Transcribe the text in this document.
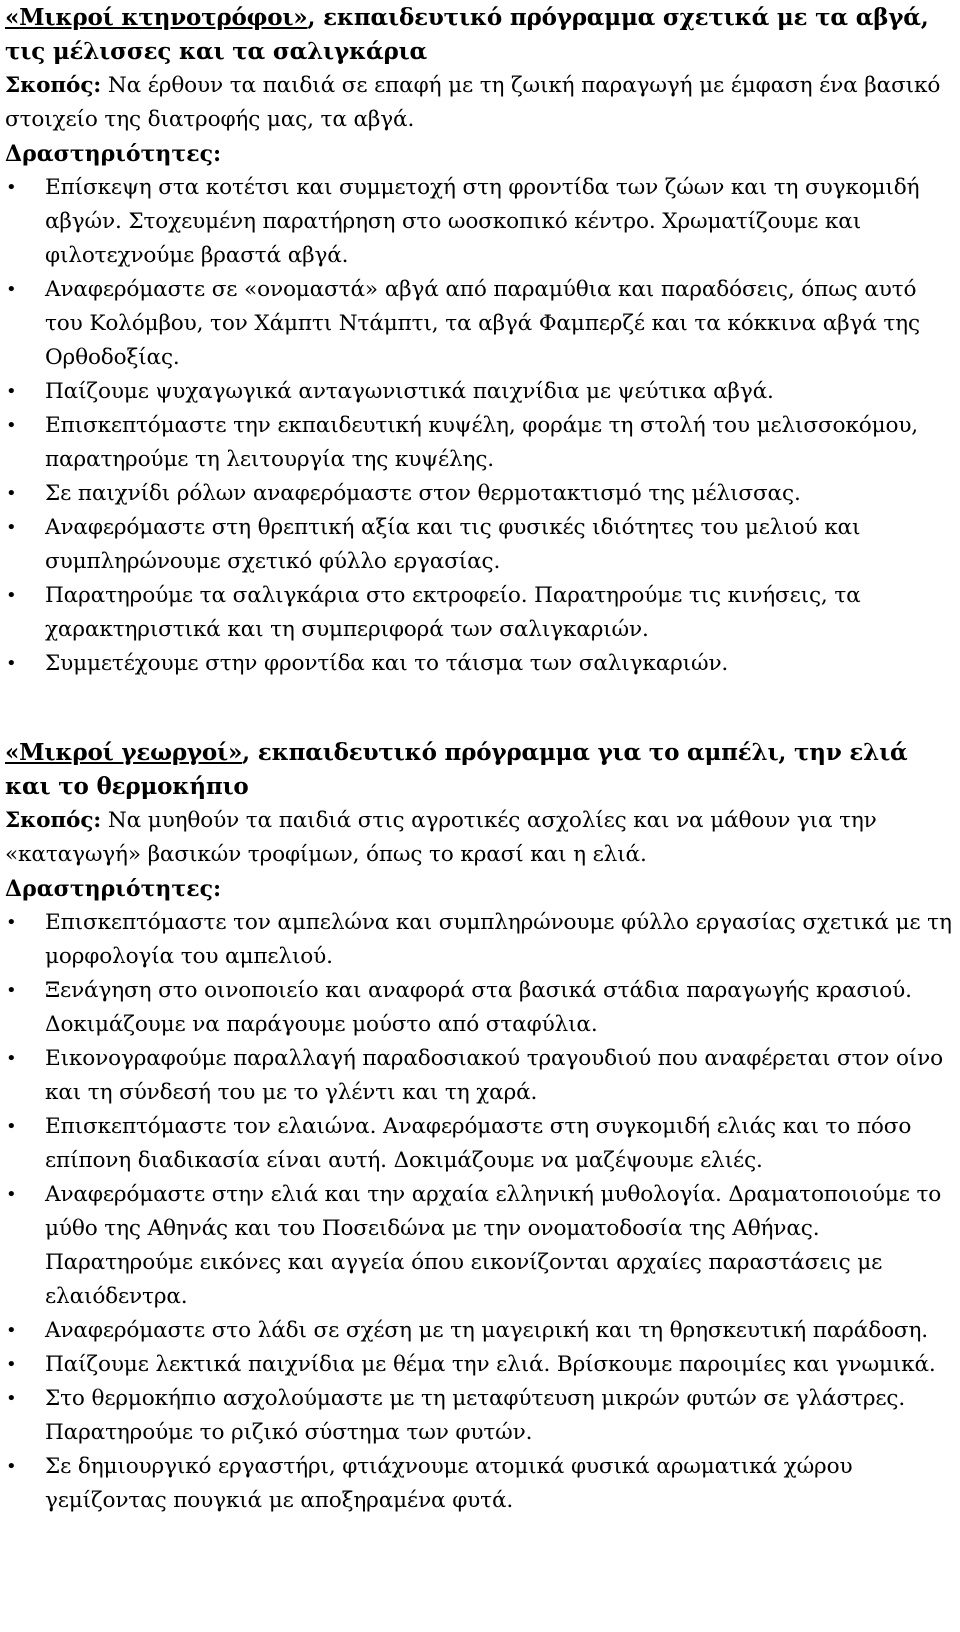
«Μικροί κτηνοτρόφοι», εκπαιδευτικό πρόγραμμα σχετικά με τα αβγά, τις μέλισσες και τα σαλιγκάρια

Σκοπός: Να έρθουν τα παιδιά σε επαφή με τη ζωική παραγωγή με έμφαση ένα βασικό στοιχείο της διατροφής μας, τα αβγά.

Δραστηριότητες:

• Επίσκεψη στα κοτέτσι και συμμετοχή στη φροντίδα των ζώων και τη συγκομιδή αβγών. Στοχευμένη παρατήρηση στο ωοσκοπικό κέντρο. Χρωματίζουμε και φιλοτεχνούμε βραστά αβγά.
• Αναφερόμαστε σε «ονομαστά» αβγά από παραμύθια και παραδόσεις, όπως αυτό του Κολόμβου, τον Χάμπτι Ντάμπτι, τα αβγά Φαμπερζέ και τα κόκκινα αβγά της Ορθοδοξίας.
• Παίζουμε ψυχαγωγικά ανταγωνιστικά παιχνίδια με ψεύτικα αβγά.
• Επισκεπτόμαστε την εκπαιδευτική κυψέλη, φοράμε τη στολή του μελισσοκόμου, παρατηρούμε τη λειτουργία της κυψέλης.
• Σε παιχνίδι ρόλων αναφερόμαστε στον θερμοτακτισμό της μέλισσας.
• Αναφερόμαστε στη θρεπτική αξία και τις φυσικές ιδιότητες του μελιού και συμπληρώνουμε σχετικό φύλλο εργασίας.
• Παρατηρούμε τα σαλιγκάρια στο εκτροφείο. Παρατηρούμε τις κινήσεις, τα χαρακτηριστικά και τη συμπεριφορά των σαλιγκαριών.
• Συμμετέχουμε στην φροντίδα και το τάισμα των σαλιγκαριών.

«Μικροί γεωργοί», εκπαιδευτικό πρόγραμμα για το αμπέλι, την ελιά και το θερμοκήπιο

Σκοπός: Να μυηθούν τα παιδιά στις αγροτικές ασχολίες και να μάθουν για την «καταγωγή» βασικών τροφίμων, όπως το κρασί και η ελιά.

Δραστηριότητες:

• Επισκεπτόμαστε τον αμπελώνα και συμπληρώνουμε φύλλο εργασίας σχετικά με τη μορφολογία του αμπελιού.
• Ξενάγηση στο οινοποιείο και αναφορά στα βασικά στάδια παραγωγής κρασιού. Δοκιμάζουμε να παράγουμε μούστο από σταφύλια.
• Εικονογραφούμε παραλλαγή παραδοσιακού τραγουδιού που αναφέρεται στον οίνο και τη σύνδεσή του με το γλέντι και τη χαρά.
• Επισκεπτόμαστε τον ελαιώνα. Αναφερόμαστε στη συγκομιδή ελιάς και το πόσο επίπονη διαδικασία είναι αυτή. Δοκιμάζουμε να μαζέψουμε ελιές.
• Αναφερόμαστε στην ελιά και την αρχαία ελληνική μυθολογία. Δραματοποιούμε το μύθο της Αθηνάς και του Ποσειδώνα με την ονοματοδοσία της Αθήνας. Παρατηρούμε εικόνες και αγγεία όπου εικονίζονται αρχαίες παραστάσεις με ελαιόδεντρα.
• Αναφερόμαστε στο λάδι σε σχέση με τη μαγειρική και τη θρησκευτική παράδοση.
• Παίζουμε λεκτικά παιχνίδια με θέμα την ελιά. Βρίσκουμε παροιμίες και γνωμικά.
• Στο θερμοκήπιο ασχολούμαστε με τη μεταφύτευση μικρών φυτών σε γλάστρες. Παρατηρούμε το ριζικό σύστημα των φυτών.
• Σε δημιουργικό εργαστήρι, φτιάχνουμε ατομικά φυσικά αρωματικά χώρου γεμίζοντας πουγκιά με αποξηραμένα φυτά.
